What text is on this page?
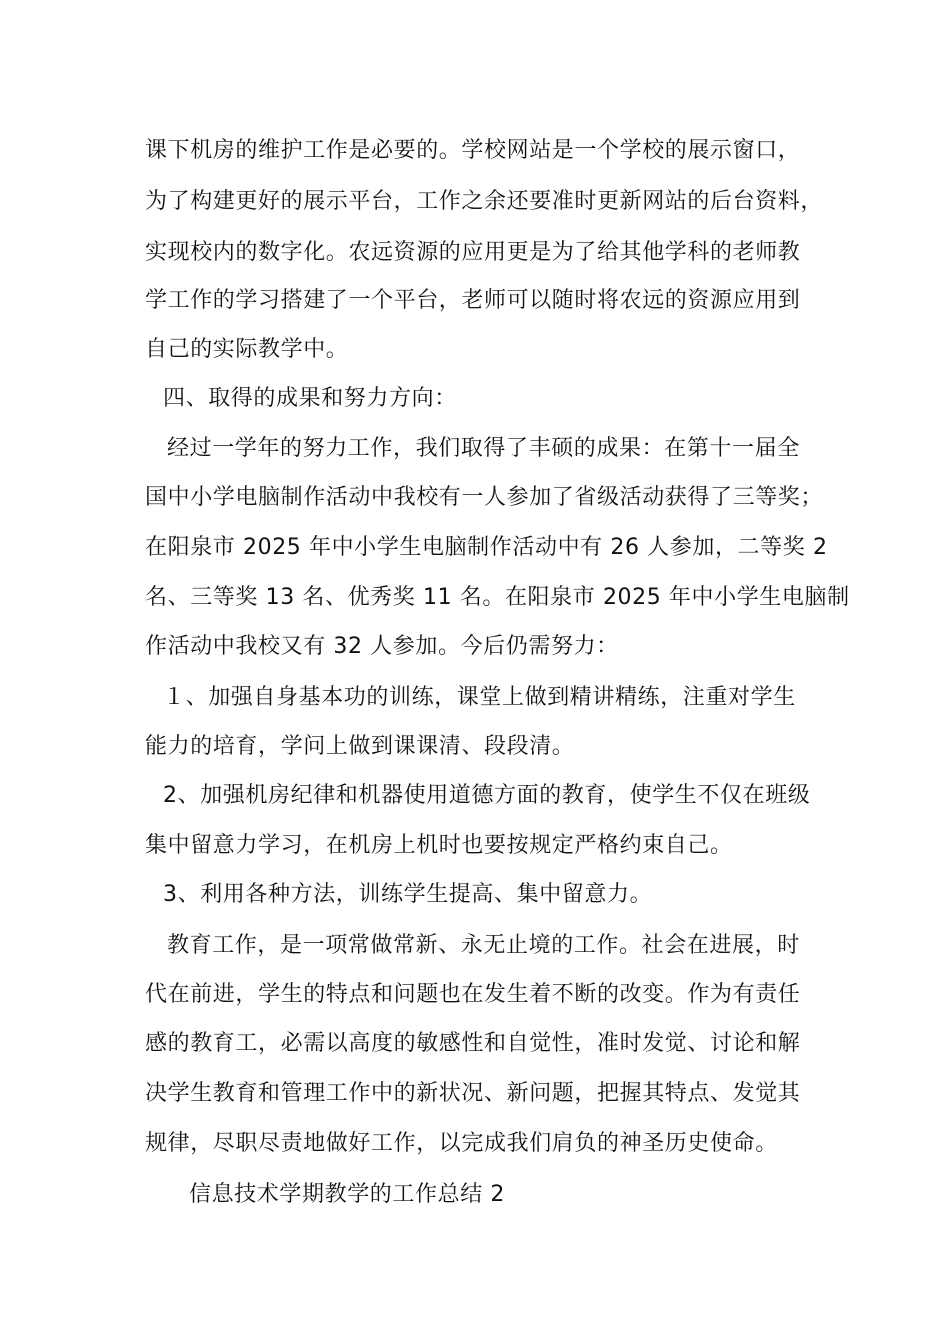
课下机房的维护工作是必要的。学校网站是一个学校的展示窗口，
为了构建更好的展示平台，工作之余还要准时更新网站的后台资料，
实现校内的数字化。农远资源的应用更是为了给其他学科的老师教
学工作的学习搭建了一个平台，老师可以随时将农远的资源应用到
自己的实际教学中。
四、取得的成果和努力方向：
经过一学年的努力工作，我们取得了丰硕的成果：在第十一届全
国中小学电脑制作活动中我校有一人参加了省级活动获得了三等奖；
在阳泉市 2025 年中小学生电脑制作活动中有 26 人参加，二等奖 2
名、三等奖 13 名、优秀奖 11 名。在阳泉市 2025 年中小学生电脑制
作活动中我校又有 32 人参加。今后仍需努力：
１、加强自身基本功的训练，课堂上做到精讲精练，注重对学生
能力的培育，学问上做到课课清、段段清。
2、加强机房纪律和机器使用道德方面的教育，使学生不仅在班级
集中留意力学习，在机房上机时也要按规定严格约束自己。
3、利用各种方法，训练学生提高、集中留意力。
教育工作，是一项常做常新、永无止境的工作。社会在进展，时
代在前进，学生的特点和问题也在发生着不断的改变。作为有责任
感的教育工，必需以高度的敏感性和自觉性，准时发觉、讨论和解
决学生教育和管理工作中的新状况、新问题，把握其特点、发觉其
规律，尽职尽责地做好工作，以完成我们肩负的神圣历史使命。
信息技术学期教学的工作总结 2
